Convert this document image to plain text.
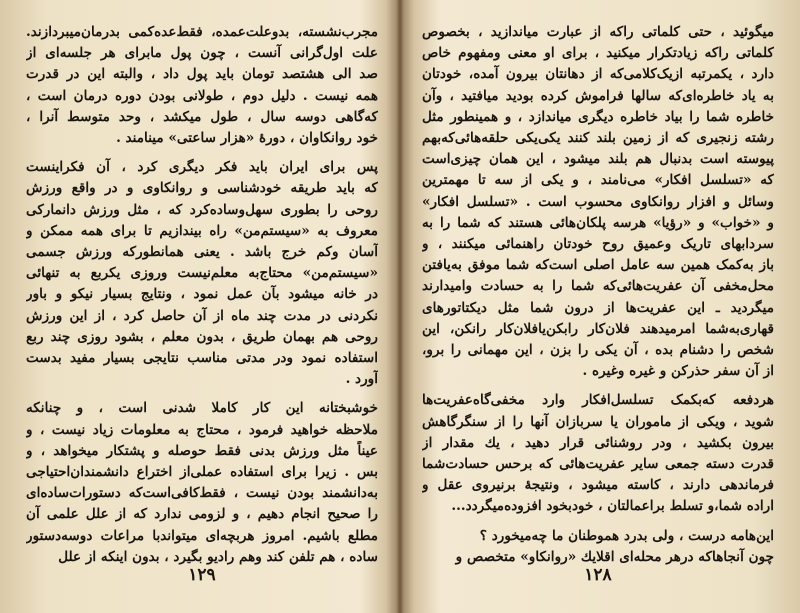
مجرب‌نشسته، بدوعلت‌عمده، فقط‌عده‌کمی بدرمان‌میبردازند.
علت اول‌گرانی آنست ، چون پول مابرای هر جلسه‌ای از
صد الی هشتصد تومان باید پول داد ، والبته این در قدرت
همه نیست . دلیل دوم ، طولانی بودن دوره درمان است ،
که‌گاهی دوسه سال ، طول میکشد ، وحد متوسط آنرا ،
خود روانکاوان ، دورهٔ «هزار ساعتی» مینامند .
پس برای ایران باید فکر دیگری کرد ، آن فکراینست
که باید طریقه خودشناسی و روانکاوی و در واقع ورزش
روحی را بطوری سهل‌وساده‌کرد که ، مثل ورزش دانمارکی
معروف به «سیستم‌من» راه بیندازیم تا برای همه ممکن و
آسان وکم خرج باشد . یعنی همانطورکه ورزش جسمی
«سیستم‌من» محتاج‌به معلم‌نیست وروزی یکربع به تنهائی
در خانه میشود بآن عمل نمود ، ونتایج بسیار نیکو و باور
نکردنی در مدت چند ماه از آن حاصل کرد ، از این ورزش
روحی هم بهمان طریق ، بدون معلم ، بشود روزی چند ربع
استفاده نمود ودر مدتی مناسب نتایجی بسیار مفید بدست
آورد .
خوشبختانه این کار کاملا شدنی است ، و چنانکه
ملاحظه خواهید فرمود ، محتاج به معلومات زیاد نیست ، و
عیناً مثل ورزش بدنی فقط حوصله و پشتکار میخواهد ، و
بس . زیرا برای استفاده عملی‌از اختراع دانشمندان‌احتیاجی
به‌دانشمند بودن نیست ، فقط‌کافی‌است‌که دستورات‌ساده‌ای
را صحیح انجام دهیم ، و لزومی ندارد که از علل علمی آن
مطلع باشیم. امروز هربچه‌ای میتواندبا مراعات دوسه‌دستور
ساده ، هم تلفن کند وهم رادیو بگیرد ، بدون اینکه از علل
۱۲۹
میگوئید ، حتی کلماتی راکه از عبارت میاندازید ، بخصوص
کلماتی راکه زیادتکرار میکنید ، برای او معنی ومفهوم خاص
دارد ، یکمرتبه ازیک‌کلامی‌که از دهانتان بیرون آمده، خودتان
به یاد خاطره‌ای‌که سالها فراموش کرده بودید میافتید ، وآن
خاطره شما را بیاد خاطره دیگری میاندازد ، و همینطور مثل
رشته زنجیری که از زمین بلند کنند یکی‌یکی حلقه‌هائی‌که‌بهم
پیوسته است بدنبال هم بلند میشود ، این همان چیزی‌است
که «تسلسل افکار» می‌نامند ، و یکی از سه تا مهمترین
وسائل و افزار روانکاوی محسوب است . «تسلسل افکار»
و «خواب» و «رؤیا» هرسه پلکان‌هائی هستند که شما را به
سردابهای تاریک وعمیق روح خودتان راهنمائی میکنند ، و
باز به‌کمک همین سه عامل اصلی است‌که شما موفق به‌یافتن
محل‌مخفی آن عفریت‌هائی‌که شما را به حسادت وامیدارند
میگردید ـ این عفریت‌ها از درون شما مثل دیکتاتورهای
قهاری‌به‌شما امرمیدهند فلان‌کار رابکن‌یافلان‌کار رانکن، این
شخص را دشنام بده ، آن یکی را بزن ، این مهمانی را برو،
از آن سفر حذرکن و غیره وغیره .
هردفعه که‌بکمک تسلسل‌افکار وارد مخفی‌گاه‌عفریت‌ها
شوید ، ویکی از ماموران یا سربازان آنها را از سنگرگاهش
بیرون بکشید ، ودر روشنائی قرار دهید ، یك مقدار از
قدرت دسته جمعی سایر عفریت‌هائی که برحس حسادت‌شما
فرماندهی دارند ، کاسته میشود ، ونتیجهٔ برنیروی عقل و
اراده شما،و تسلط براعمالتان ، خودبخود افزوده‌میگردد...
این‌هامه درست ، ولی بدرد هموطنان ما چه‌میخورد ؟
چون آنجاهاکه درهر محله‌ای اقلایك «روانکاو» متخصص و
۱۲۸
